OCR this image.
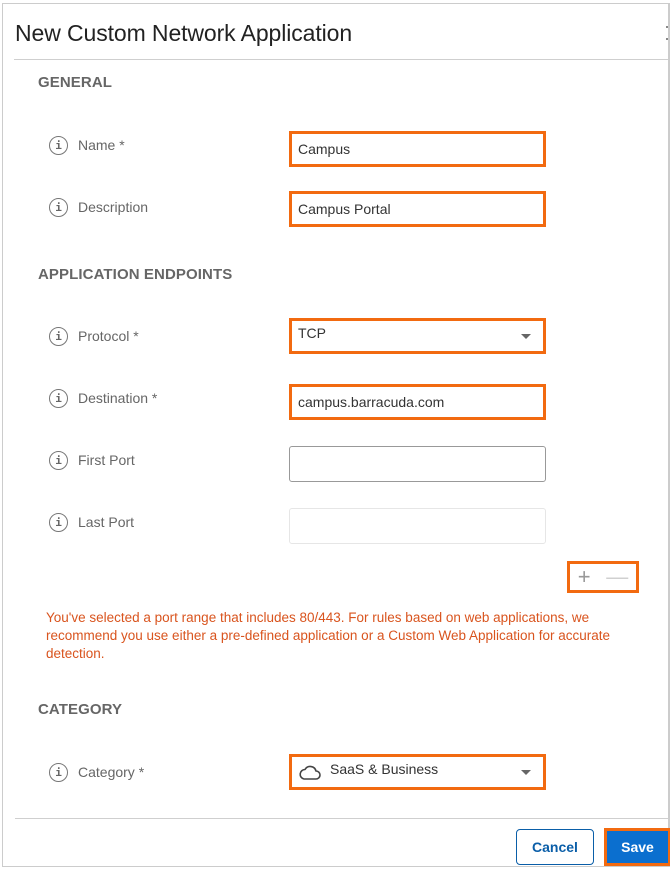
New Custom Network Application
GENERAL
i	Name *	Campus
i	Description	Campus Portal
APPLICATION ENDPOINTS
i	Protocol *	TCP
i	Destination *	campus.barracuda.com
i	First Port
i	Last Port
+ —
You've selected a port range that includes 80/443. For rules based on web applications, we recommend you use either a pre-defined application or a Custom Web Application for accurate detection.
CATEGORY
i	Category *	SaaS & Business
Cancel	Save
